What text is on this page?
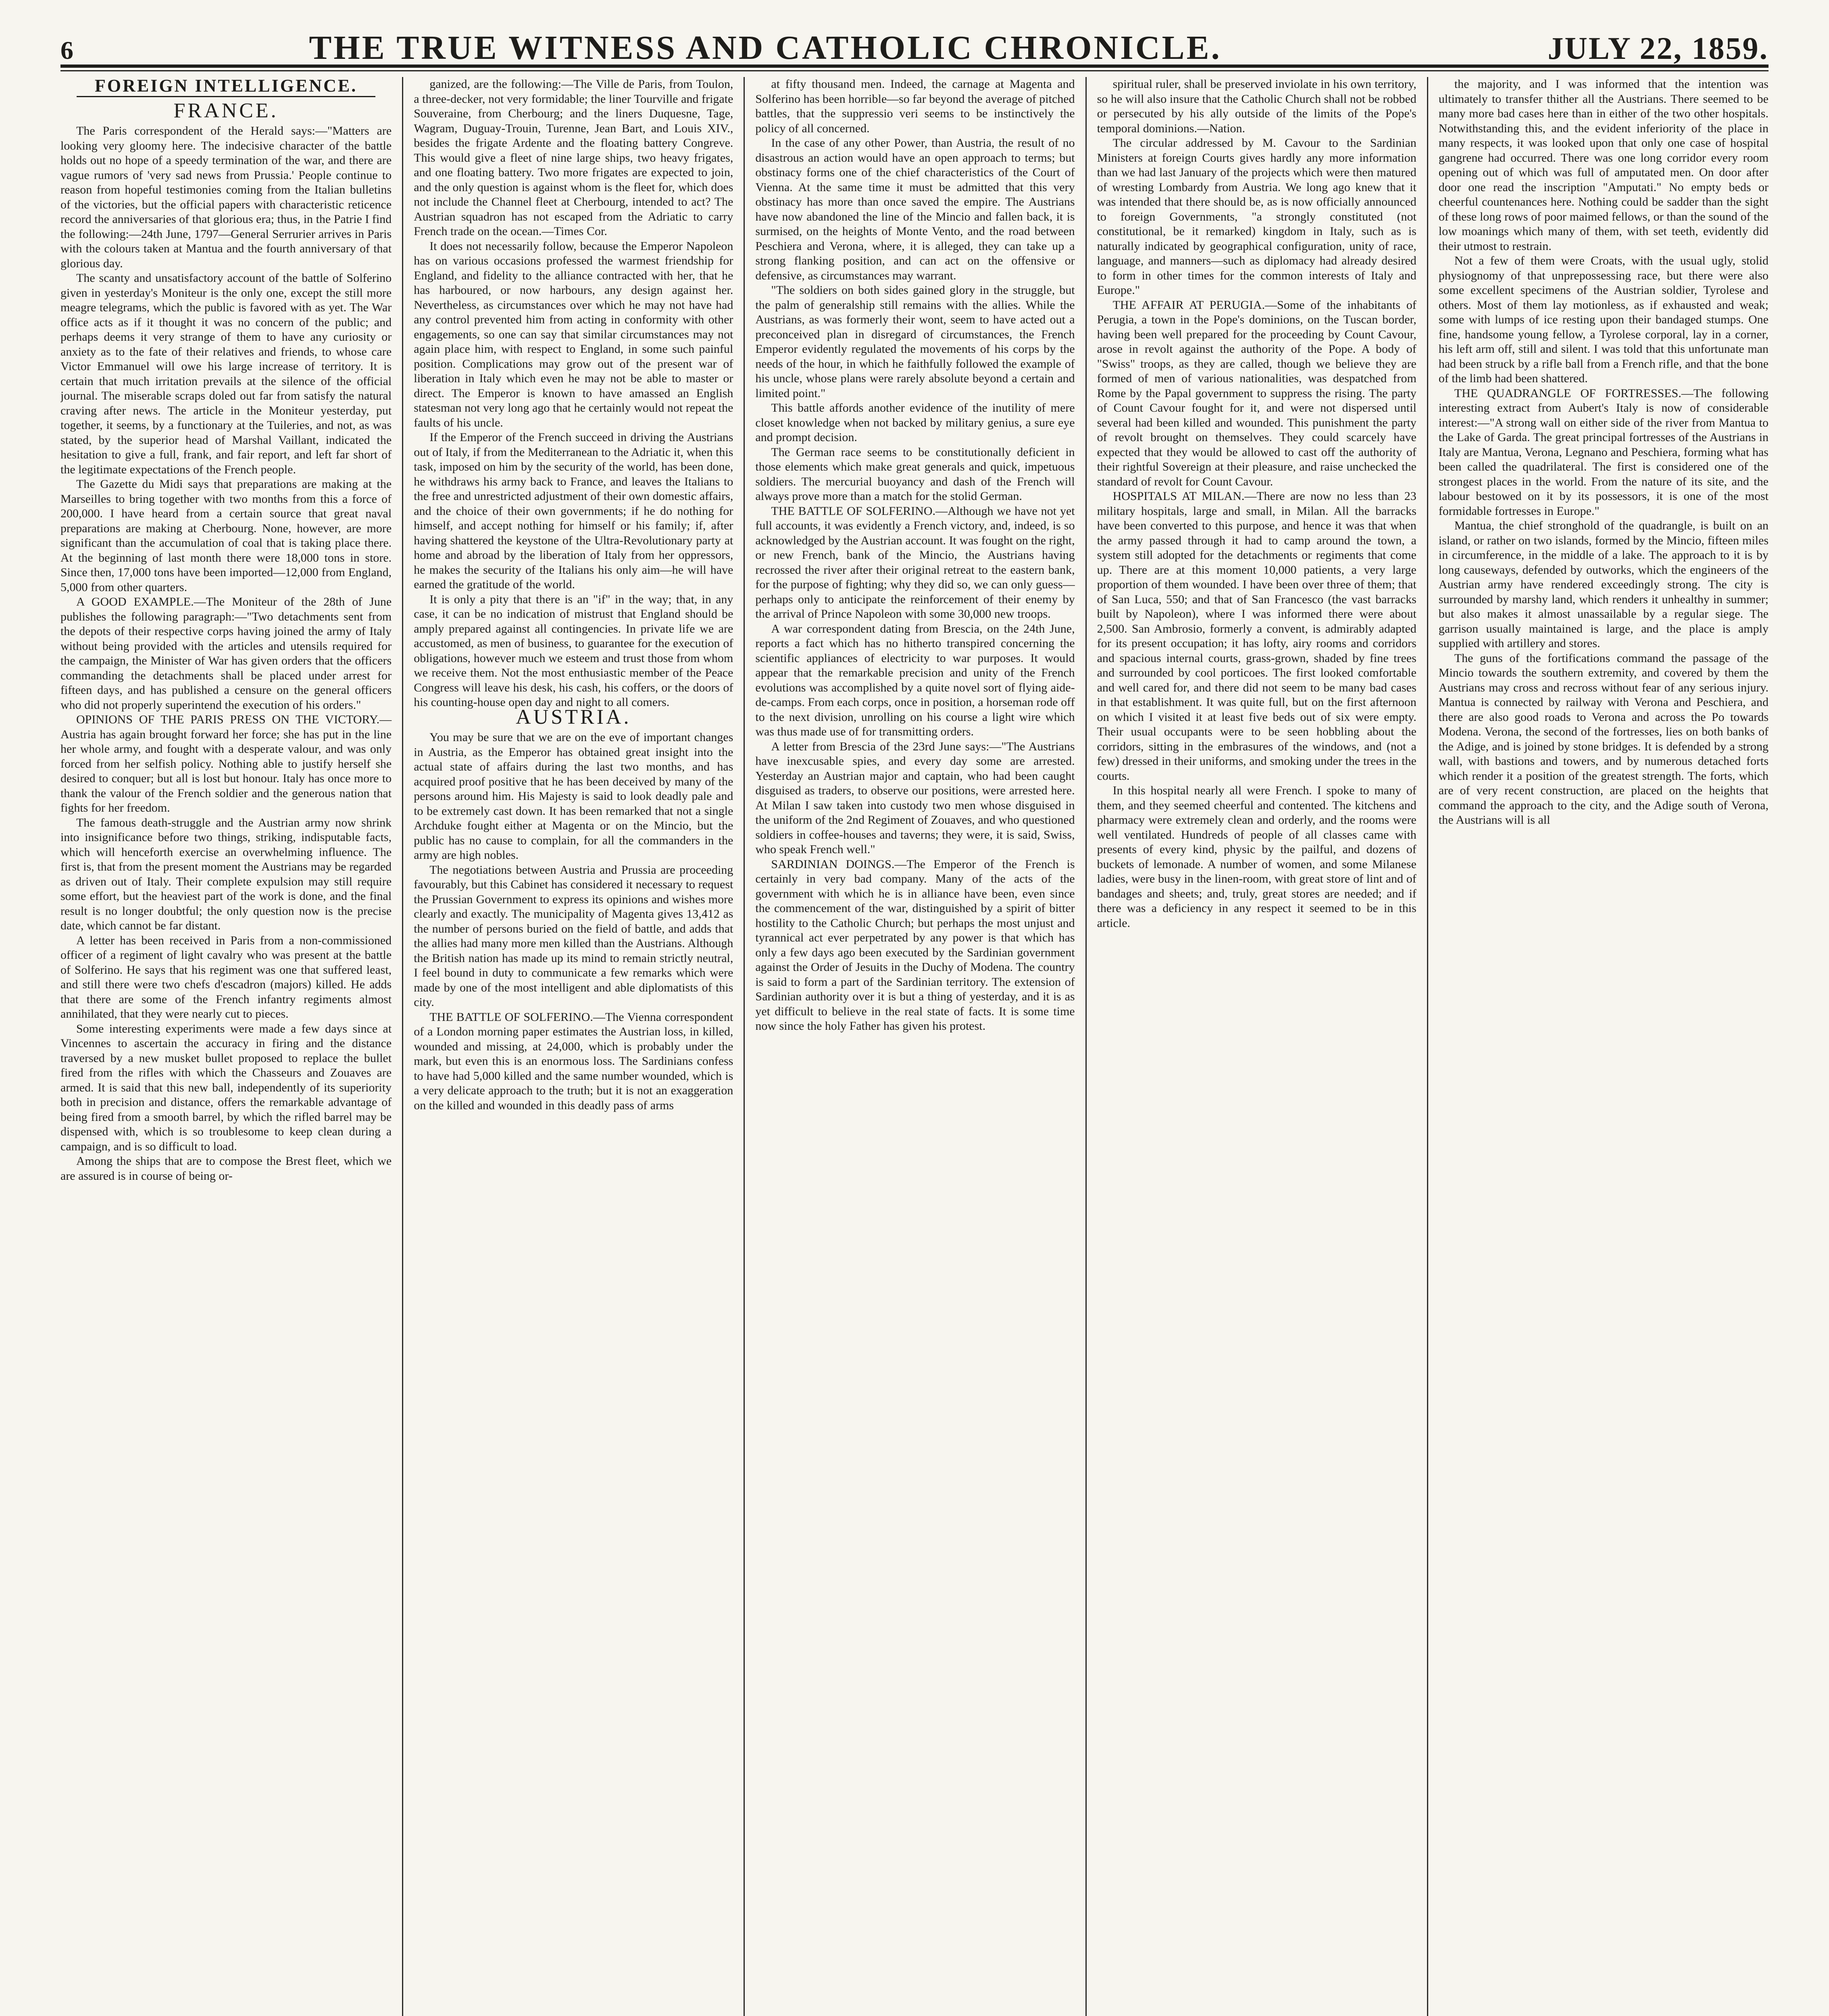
6	THE TRUE WITNESS AND CATHOLIC CHRONICLE.	JULY 22, 1859.
FOREIGN INTELLIGENCE.
FRANCE.

The Paris correspondent of the Herald says:—"Matters are looking very gloomy here. The indecisive character of the battle holds out no hope of a speedy termination of the war, and there are vague rumors of 'very sad news from Prussia.' People continue to reason from hopeful testimonies coming from the Italian bulletins of the victories, but the official papers with characteristic reticence record the anniversaries of that glorious era; thus, in the Patrie I find the following:—24th June, 1797—General Serrurier arrives in Paris with the colours taken at Mantua and the fourth anniversary of that glorious day.

The scanty and unsatisfactory account of the battle of Solferino given in yesterday's Moniteur is the only one, except the still more meagre telegrams, which the public is favored with as yet. The War office acts as if it thought it was no concern of the public; and perhaps deems it very strange of them to have any curiosity or anxiety as to the fate of their relatives and friends, to whose care Victor Emmanuel will owe his large increase of territory. It is certain that much irritation prevails at the silence of the official journal. The miserable scraps doled out far from satisfy the natural craving after news. The article in the Moniteur yesterday, put together, it seems, by a functionary at the Tuileries, and not, as was stated, by the superior head of Marshal Vaillant, indicated the hesitation to give a full, frank, and fair report, and left far short of the legitimate expectations of the French people.

The Gazette du Midi says that preparations are making at the Marseilles to bring together with two months from this a force of 200,000. I have heard from a certain source that great naval preparations are making at Cherbourg. None, however, are more significant than the accumulation of coal that is taking place there. At the beginning of last month there were 18,000 tons in store. Since then, 17,000 tons have been imported—12,000 from England, 5,000 from other quarters.

A GOOD EXAMPLE.—The Moniteur of the 28th of June publishes the following paragraph:—"Two detachments sent from the depots of their respective corps having joined the army of Italy without being provided with the articles and utensils required for the campaign, the Minister of War has given orders that the officers commanding the detachments shall be placed under arrest for fifteen days, and has published a censure on the general officers who did not properly superintend the execution of his orders."

OPINIONS OF THE PARIS PRESS ON THE VICTORY.—Austria has again brought forward her force; she has put in the line her whole army, and fought with a desperate valour, and was only forced from her selfish policy. Nothing able to justify herself she desired to conquer; but all is lost but honour. Italy has once more to thank the valour of the French soldier and the generous nation that fights for her freedom.

The famous death-struggle and the Austrian army now shrink into insignificance before two things, striking, indisputable facts, which will henceforth exercise an overwhelming influence. The first is, that from the present moment the Austrians may be regarded as driven out of Italy. Their complete expulsion may still require some effort, but the heaviest part of the work is done, and the final result is no longer doubtful; the only question now is the precise date, which cannot be far distant.

A letter has been received in Paris from a non-commissioned officer of a regiment of light cavalry who was present at the battle of Solferino. He says that his regiment was one that suffered least, and still there were two chefs d'escadron (majors) killed. He adds that there are some of the French infantry regiments almost annihilated, that they were nearly cut to pieces.

Some interesting experiments were made a few days since at Vincennes to ascertain the accuracy in firing and the distance traversed by a new musket bullet proposed to replace the bullet fired from the rifles with which the Chasseurs and Zouaves are armed. It is said that this new ball, independently of its superiority both in precision and distance, offers the remarkable advantage of being fired from a smooth barrel, by which the rifled barrel may be dispensed with, which is so troublesome to keep clean during a campaign, and is so difficult to load.

Among the ships that are to compose the Brest fleet, which we are assured is in course of being or-

ganized, are the following:—The Ville de Paris, from Toulon, a three-decker, not very formidable; the liner Tourville and frigate Souveraine, from Cherbourg; and the liners Duquesne, Tage, Wagram, Duguay-Trouin, Turenne, Jean Bart, and Louis XIV., besides the frigate Ardente and the floating battery Congreve. This would give a fleet of nine large ships, two heavy frigates, and one floating battery. Two more frigates are expected to join, and the only question is against whom is the fleet for, which does not include the Channel fleet at Cherbourg, intended to act? The Austrian squadron has not escaped from the Adriatic to carry French trade on the ocean.—Times Cor.

It does not necessarily follow, because the Emperor Napoleon has on various occasions professed the warmest friendship for England, and fidelity to the alliance contracted with her, that he has harboured, or now harbours, any design against her. Nevertheless, as circumstances over which he may not have had any control prevented him from acting in conformity with other engagements, so one can say that similar circumstances may not again place him, with respect to England, in some such painful position. Complications may grow out of the present war of liberation in Italy which even he may not be able to master or direct. The Emperor is known to have amassed an English statesman not very long ago that he certainly would not repeat the faults of his uncle.

If the Emperor of the French succeed in driving the Austrians out of Italy, if from the Mediterranean to the Adriatic it, when this task, imposed on him by the security of the world, has been done, he withdraws his army back to France, and leaves the Italians to the free and unrestricted adjustment of their own domestic affairs, and the choice of their own governments; if he do nothing for himself, and accept nothing for himself or his family; if, after having shattered the keystone of the Ultra-Revolutionary party at home and abroad by the liberation of Italy from her oppressors, he makes the security of the Italians his only aim—he will have earned the gratitude of the world.

It is only a pity that there is an "if" in the way; that, in any case, it can be no indication of mistrust that England should be amply prepared against all contingencies. In private life we are accustomed, as men of business, to guarantee for the execution of obligations, however much we esteem and trust those from whom we receive them. Not the most enthusiastic member of the Peace Congress will leave his desk, his cash, his coffers, or the doors of his counting-house open day and night to all comers.

AUSTRIA.

You may be sure that we are on the eve of important changes in Austria, as the Emperor has obtained great insight into the actual state of affairs during the last two months, and has acquired proof positive that he has been deceived by many of the persons around him. His Majesty is said to look deadly pale and to be extremely cast down. It has been remarked that not a single Archduke fought either at Magenta or on the Mincio, but the public has no cause to complain, for all the commanders in the army are high nobles.

The negotiations between Austria and Prussia are proceeding favourably, but this Cabinet has considered it necessary to request the Prussian Government to express its opinions and wishes more clearly and exactly. The municipality of Magenta gives 13,412 as the number of persons buried on the field of battle, and adds that the allies had many more men killed than the Austrians. Although the British nation has made up its mind to remain strictly neutral, I feel bound in duty to communicate a few remarks which were made by one of the most intelligent and able diplomatists of this city.

THE BATTLE OF SOLFERINO.—The Vienna correspondent of a London morning paper estimates the Austrian loss, in killed, wounded and missing, at 24,000, which is probably under the mark, but even this is an enormous loss. The Sardinians confess to have had 5,000 killed and the same number wounded, which is a very delicate approach to the truth; but it is not an exaggeration on the killed and wounded in this deadly pass of arms

at fifty thousand men. Indeed, the carnage at Magenta and Solferino has been horrible—so far beyond the average of pitched battles, that the suppressio veri seems to be instinctively the policy of all concerned.

In the case of any other Power, than Austria, the result of no disastrous an action would have an open approach to terms; but obstinacy forms one of the chief characteristics of the Court of Vienna. At the same time it must be admitted that this very obstinacy has more than once saved the empire. The Austrians have now abandoned the line of the Mincio and fallen back, it is surmised, on the heights of Monte Vento, and the road between Peschiera and Verona, where, it is alleged, they can take up a strong flanking position, and can act on the offensive or defensive, as circumstances may warrant.

"The soldiers on both sides gained glory in the struggle, but the palm of generalship still remains with the allies. While the Austrians, as was formerly their wont, seem to have acted out a preconceived plan in disregard of circumstances, the French Emperor evidently regulated the movements of his corps by the needs of the hour, in which he faithfully followed the example of his uncle, whose plans were rarely absolute beyond a certain and limited point."

This battle affords another evidence of the inutility of mere closet knowledge when not backed by military genius, a sure eye and prompt decision.

The German race seems to be constitutionally deficient in those elements which make great generals and quick, impetuous soldiers. The mercurial buoyancy and dash of the French will always prove more than a match for the stolid German.

THE BATTLE OF SOLFERINO.—Although we have not yet full accounts, it was evidently a French victory, and, indeed, is so acknowledged by the Austrian account. It was fought on the right, or new French, bank of the Mincio, the Austrians having recrossed the river after their original retreat to the eastern bank, for the purpose of fighting; why they did so, we can only guess—perhaps only to anticipate the reinforcement of their enemy by the arrival of Prince Napoleon with some 30,000 new troops.

A war correspondent dating from Brescia, on the 24th June, reports a fact which has no hitherto transpired concerning the scientific appliances of electricity to war purposes. It would appear that the remarkable precision and unity of the French evolutions was accomplished by a quite novel sort of flying aide-de-camps. From each corps, once in position, a horseman rode off to the next division, unrolling on his course a light wire which was thus made use of for transmitting orders.

A letter from Brescia of the 23rd June says:—"The Austrians have inexcusable spies, and every day some are arrested. Yesterday an Austrian major and captain, who had been caught disguised as traders, to observe our positions, were arrested here. At Milan I saw taken into custody two men whose disguised in the uniform of the 2nd Regiment of Zouaves, and who questioned soldiers in coffee-houses and taverns; they were, it is said, Swiss, who speak French well."

SARDINIAN DOINGS.—The Emperor of the French is certainly in very bad company. Many of the acts of the government with which he is in alliance have been, even since the commencement of the war, distinguished by a spirit of bitter hostility to the Catholic Church; but perhaps the most unjust and tyrannical act ever perpetrated by any power is that which has only a few days ago been executed by the Sardinian government against the Order of Jesuits in the Duchy of Modena. The country is said to form a part of the Sardinian territory. The extension of Sardinian authority over it is but a thing of yesterday, and it is as yet difficult to believe in the real state of facts. It is some time now since the holy Father has given his protest.

spiritual ruler, shall be preserved inviolate in his own territory, so he will also insure that the Catholic Church shall not be robbed or persecuted by his ally outside of the limits of the Pope's temporal dominions.—Nation.

The circular addressed by M. Cavour to the Sardinian Ministers at foreign Courts gives hardly any more information than we had last January of the projects which were then matured of wresting Lombardy from Austria. We long ago knew that it was intended that there should be, as is now officially announced to foreign Governments, "a strongly constituted (not constitutional, be it remarked) kingdom in Italy, such as is naturally indicated by geographical configuration, unity of race, language, and manners—such as diplomacy had already desired to form in other times for the common interests of Italy and Europe."

THE AFFAIR AT PERUGIA.—Some of the inhabitants of Perugia, a town in the Pope's dominions, on the Tuscan border, having been well prepared for the proceeding by Count Cavour, arose in revolt against the authority of the Pope. A body of "Swiss" troops, as they are called, though we believe they are formed of men of various nationalities, was despatched from Rome by the Papal government to suppress the rising. The party of Count Cavour fought for it, and were not dispersed until several had been killed and wounded. This punishment the party of revolt brought on themselves. They could scarcely have expected that they would be allowed to cast off the authority of their rightful Sovereign at their pleasure, and raise unchecked the standard of revolt for Count Cavour.

HOSPITALS AT MILAN.—There are now no less than 23 military hospitals, large and small, in Milan. All the barracks have been converted to this purpose, and hence it was that when the army passed through it had to camp around the town, a system still adopted for the detachments or regiments that come up. There are at this moment 10,000 patients, a very large proportion of them wounded. I have been over three of them; that of San Luca, 550; and that of San Francesco (the vast barracks built by Napoleon), where I was informed there were about 2,500. San Ambrosio, formerly a convent, is admirably adapted for its present occupation; it has lofty, airy rooms and corridors and spacious internal courts, grass-grown, shaded by fine trees and surrounded by cool porticoes. The first looked comfortable and well cared for, and there did not seem to be many bad cases in that establishment. It was quite full, but on the first afternoon on which I visited it at least five beds out of six were empty. Their usual occupants were to be seen hobbling about the corridors, sitting in the embrasures of the windows, and (not a few) dressed in their uniforms, and smoking under the trees in the courts.

In this hospital nearly all were French. I spoke to many of them, and they seemed cheerful and contented. The kitchens and pharmacy were extremely clean and orderly, and the rooms were well ventilated. Hundreds of people of all classes came with presents of every kind, physic by the pailful, and dozens of buckets of lemonade. A number of women, and some Milanese ladies, were busy in the linen-room, with great store of lint and of bandages and sheets; and, truly, great stores are needed; and if there was a deficiency in any respect it seemed to be in this article.

the majority, and I was informed that the intention was ultimately to transfer thither all the Austrians. There seemed to be many more bad cases here than in either of the two other hospitals. Notwithstanding this, and the evident inferiority of the place in many respects, it was looked upon that only one case of hospital gangrene had occurred. There was one long corridor every room opening out of which was full of amputated men. On door after door one read the inscription "Amputati." No empty beds or cheerful countenances here. Nothing could be sadder than the sight of these long rows of poor maimed fellows, or than the sound of the low moanings which many of them, with set teeth, evidently did their utmost to restrain.

Not a few of them were Croats, with the usual ugly, stolid physiognomy of that unprepossessing race, but there were also some excellent specimens of the Austrian soldier, Tyrolese and others. Most of them lay motionless, as if exhausted and weak; some with lumps of ice resting upon their bandaged stumps. One fine, handsome young fellow, a Tyrolese corporal, lay in a corner, his left arm off, still and silent. I was told that this unfortunate man had been struck by a rifle ball from a French rifle, and that the bone of the limb had been shattered.

THE QUADRANGLE OF FORTRESSES.—The following interesting extract from Aubert's Italy is now of considerable interest:—"A strong wall on either side of the river from Mantua to the Lake of Garda. The great principal fortresses of the Austrians in Italy are Mantua, Verona, Legnano and Peschiera, forming what has been called the quadrilateral. The first is considered one of the strongest places in the world. From the nature of its site, and the labour bestowed on it by its possessors, it is one of the most formidable fortresses in Europe."

Mantua, the chief stronghold of the quadrangle, is built on an island, or rather on two islands, formed by the Mincio, fifteen miles in circumference, in the middle of a lake. The approach to it is by long causeways, defended by outworks, which the engineers of the Austrian army have rendered exceedingly strong. The city is surrounded by marshy land, which renders it unhealthy in summer; but also makes it almost unassailable by a regular siege. The garrison usually maintained is large, and the place is amply supplied with artillery and stores.

The guns of the fortifications command the passage of the Mincio towards the southern extremity, and covered by them the Austrians may cross and recross without fear of any serious injury. Mantua is connected by railway with Verona and Peschiera, and there are also good roads to Verona and across the Po towards Modena. Verona, the second of the fortresses, lies on both banks of the Adige, and is joined by stone bridges. It is defended by a strong wall, with bastions and towers, and by numerous detached forts which render it a position of the greatest strength. The forts, which are of very recent construction, are placed on the heights that command the approach to the city, and the Adige south of Verona, the Austrians will is all
